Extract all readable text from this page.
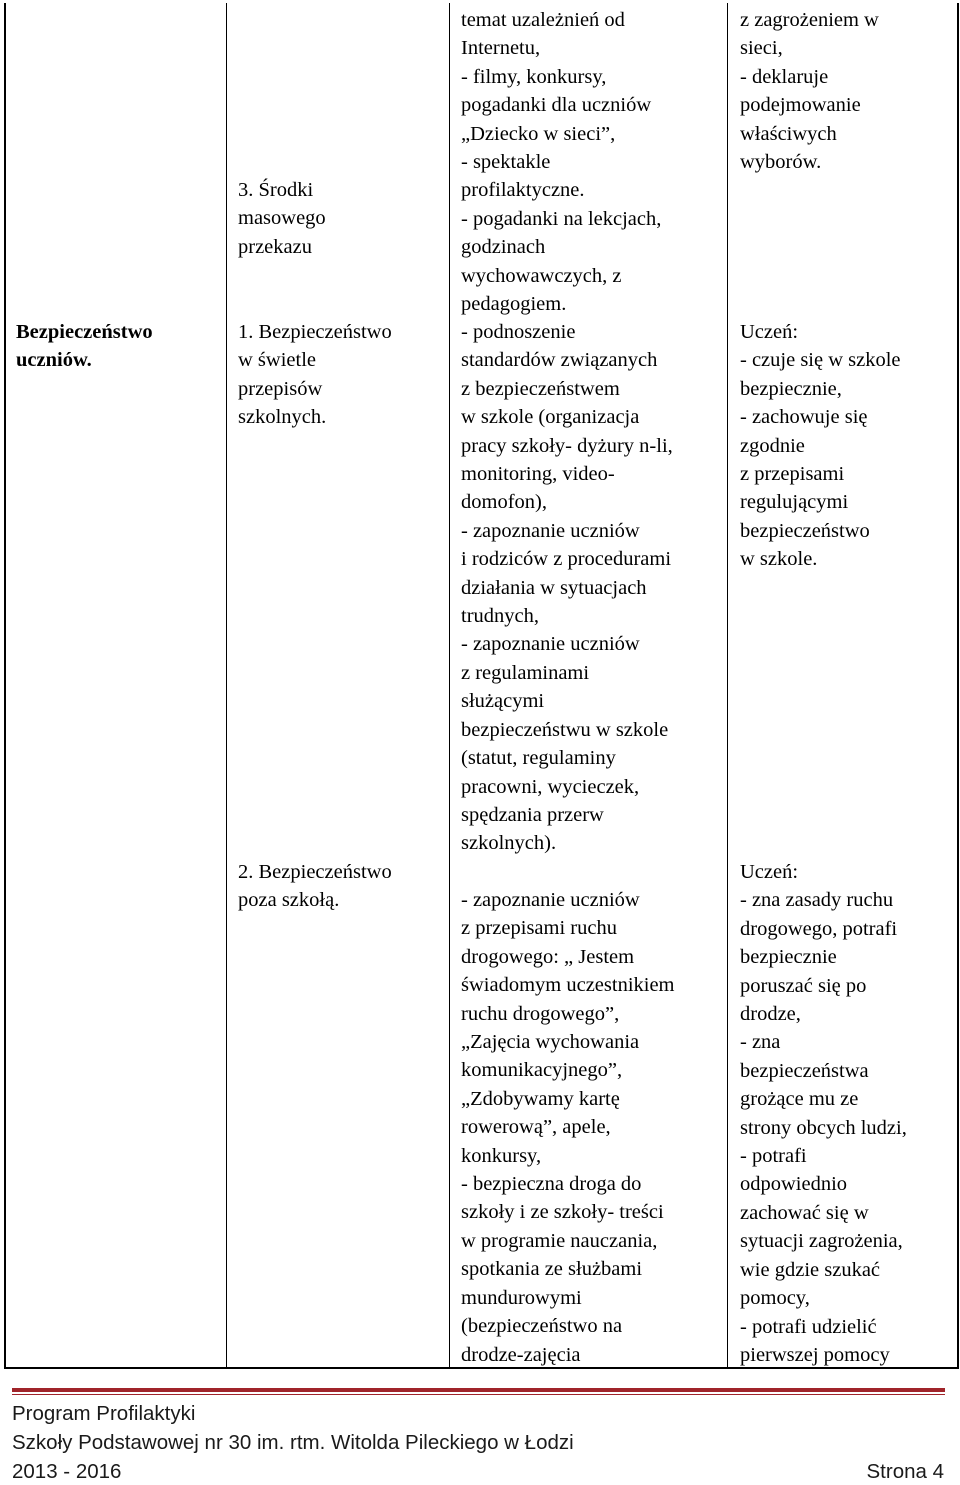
Bezpieczeństwo
uczniów.
3. Środki
masowego
przekazu
1. Bezpieczeństwo
w świetle
przepisów
szkolnych.
2. Bezpieczeństwo
poza szkołą.
temat uzależnień od
Internetu,
- filmy, konkursy,
pogadanki dla uczniów
„Dziecko w sieci”,
- spektakle
profilaktyczne.
- pogadanki na lekcjach,
godzinach
wychowawczych, z
pedagogiem.
- podnoszenie
standardów związanych
z bezpieczeństwem
w szkole (organizacja
pracy szkoły- dyżury n-li,
monitoring, video-
domofon),
- zapoznanie uczniów
i rodziców z procedurami
działania w sytuacjach
trudnych,
- zapoznanie uczniów
z regulaminami
służącymi
bezpieczeństwu w szkole
(statut, regulaminy
pracowni, wycieczek,
spędzania przerw
szkolnych).
- zapoznanie uczniów
z przepisami ruchu
drogowego: „ Jestem
świadomym uczestnikiem
ruchu drogowego”,
„Zajęcia wychowania
komunikacyjnego”,
„Zdobywamy kartę
rowerową”, apele,
konkursy,
- bezpieczna droga do
szkoły i ze szkoły- treści
w programie nauczania,
spotkania ze służbami
mundurowymi
(bezpieczeństwo na
drodze-zajęcia
z zagrożeniem w
sieci,
- deklaruje
podejmowanie
właściwych
wyborów.
Uczeń:
- czuje się w szkole
bezpiecznie,
- zachowuje się
zgodnie
z przepisami
regulującymi
bezpieczeństwo
w szkole.
Uczeń:
- zna zasady ruchu
drogowego, potrafi
bezpiecznie
poruszać się po
drodze,
- zna
bezpieczeństwa
grożące mu ze
strony obcych ludzi,
- potrafi
odpowiednio
zachować się w
sytuacji zagrożenia,
wie gdzie szukać
pomocy,
- potrafi udzielić
pierwszej pomocy
Program Profilaktyki
Szkoły Podstawowej nr 30 im. rtm. Witolda Pileckiego w Łodzi
2013 - 2016	Strona 4
